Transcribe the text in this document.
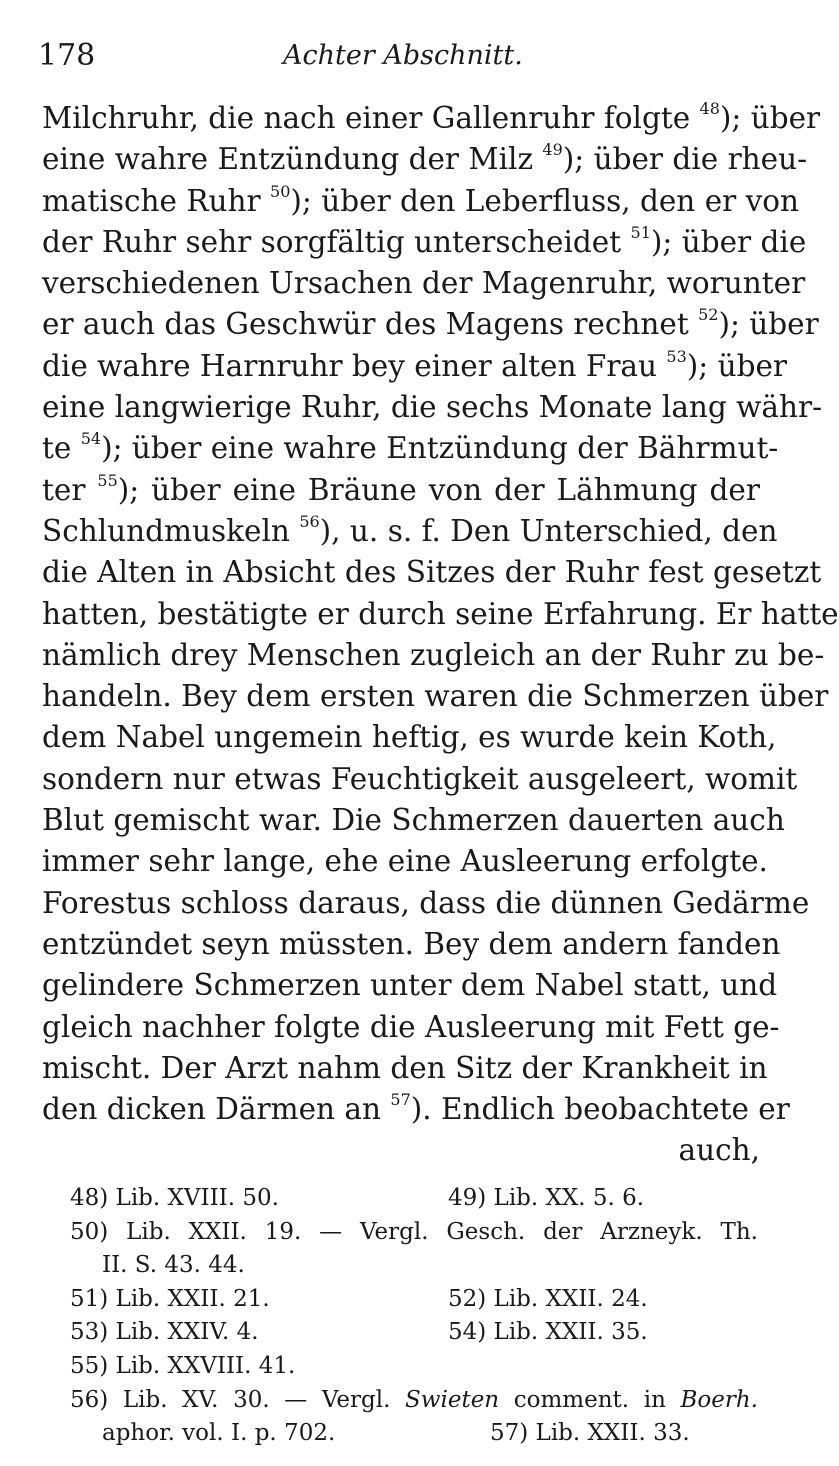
178	Achter Abschnitt.
Milchruhr, die nach einer Gallenruhr folgte $^{48}$); über
eine wahre Entzündung der Milz $^{49}$); über die rheu-
matische Ruhr $^{50}$); über den Leberfluss, den er von
der Ruhr sehr sorgfältig unterscheidet $^{51}$); über die
verschiedenen Ursachen der Magenruhr, worunter
er auch das Geschwür des Magens rechnet $^{52}$); über
die wahre Harnruhr bey einer alten Frau $^{53}$); über
eine langwierige Ruhr, die sechs Monate lang währ-
te $^{54}$); über eine wahre Entzündung der Bährmut-
ter $^{55}$); über eine Bräune von der Lähmung der
Schlundmuskeln $^{56}$), u. s. f. Den Unterschied, den
die Alten in Absicht des Sitzes der Ruhr fest gesetzt
hatten, bestätigte er durch seine Erfahrung. Er hatte
nämlich drey Menschen zugleich an der Ruhr zu be-
handeln. Bey dem ersten waren die Schmerzen über
dem Nabel ungemein heftig, es wurde kein Koth,
sondern nur etwas Feuchtigkeit ausgeleert, womit
Blut gemischt war. Die Schmerzen dauerten auch
immer sehr lange, ehe eine Ausleerung erfolgte.
Forestus schloss daraus, dass die dünnen Gedärme
entzündet seyn müssten. Bey dem andern fanden
gelindere Schmerzen unter dem Nabel statt, und
gleich nachher folgte die Ausleerung mit Fett ge-
mischt. Der Arzt nahm den Sitz der Krankheit in
den dicken Därmen an $^{57}$). Endlich beobachtete er
auch,
48) Lib. XVIII. 50.	49) Lib. XX. 5. 6.
50) Lib. XXII. 19. — Vergl. Gesch. der Arzneyk. Th.
II. S. 43. 44.
51) Lib. XXII. 21.	52) Lib. XXII. 24.
53) Lib. XXIV. 4.	54) Lib. XXII. 35.
55) Lib. XXVIII. 41.
56) Lib. XV. 30. — Vergl. Swieten comment. in Boerh.
aphor. vol. I. p. 702.	57) Lib. XXII. 33.
